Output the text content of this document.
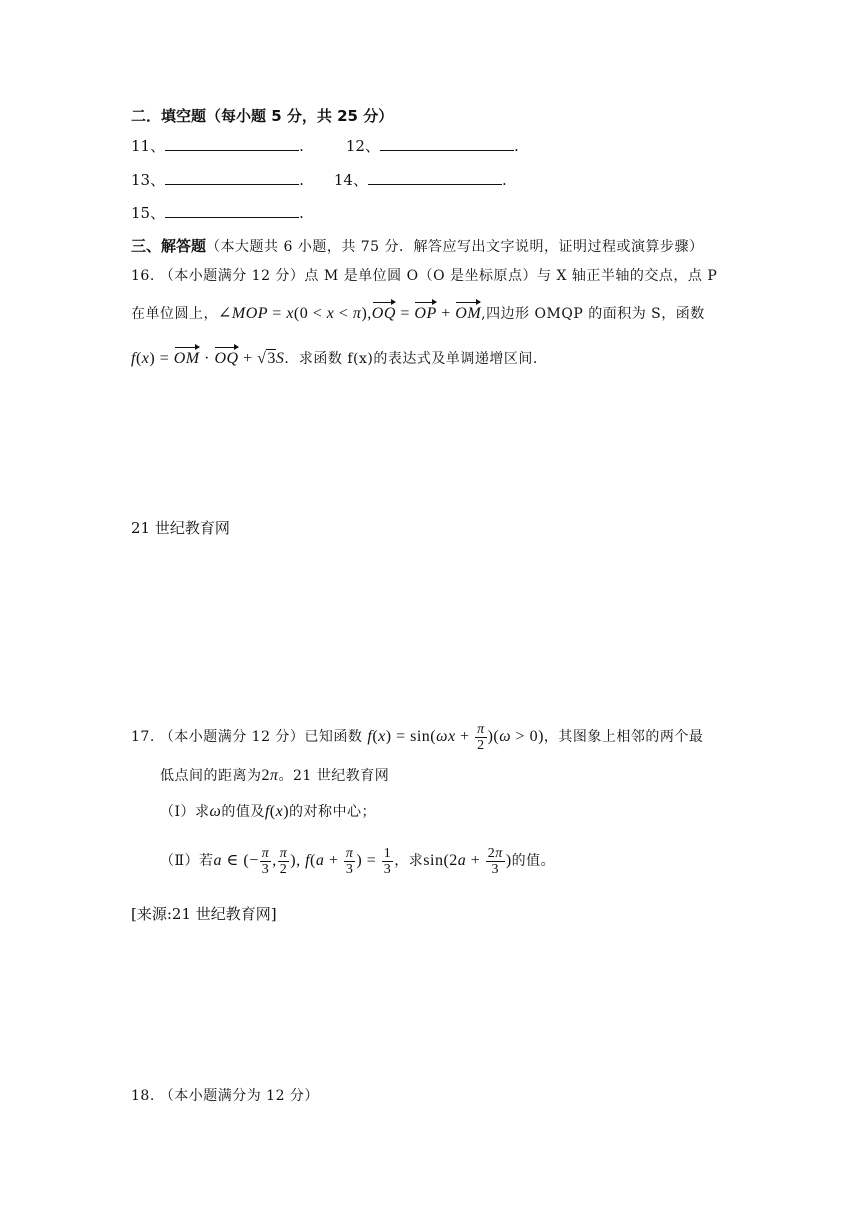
二．填空题（每小题 5 分，共 25 分）
11、	.	12、	.
13、	. 14、	.
15、	.
三、解答题（本大题共 6 小题，共 75 分．解答应写出文字说明，证明过程或演算步骤）
16. （本小题满分 12 分）点 M 是单位圆 O（O 是坐标原点）与 X 轴正半轴的交点，点 P
在单位圆上，∠MOP = x(0 < x < π),OQ = OP + OM,四边形 OMQP 的面积为 S，函数
f(x) = OM · OQ + √3S．求函数 f(x)的表达式及单调递增区间.
21 世纪教育网
17. （本小题满分 12 分）已知函数 $f(x) = \sin(\omega x + \frac{\pi}{2} )(\omega > 0)$，其图象上相邻的两个最
低点间的距离为2π。21 世纪教育网
（Ⅰ）求ω的值及f(x)的对称中心；
（Ⅱ）若a ∈ (− $\frac{\pi}{3}$ , $\frac{\pi}{2}$ ), $f(a + \frac{\pi}{3}$ ) = $\frac{1}{3}$ ，求$\sin(2a + \frac{2\pi}{3}$ )的值。
[来源:21 世纪教育网]
18. （本小题满分为 12 分）
